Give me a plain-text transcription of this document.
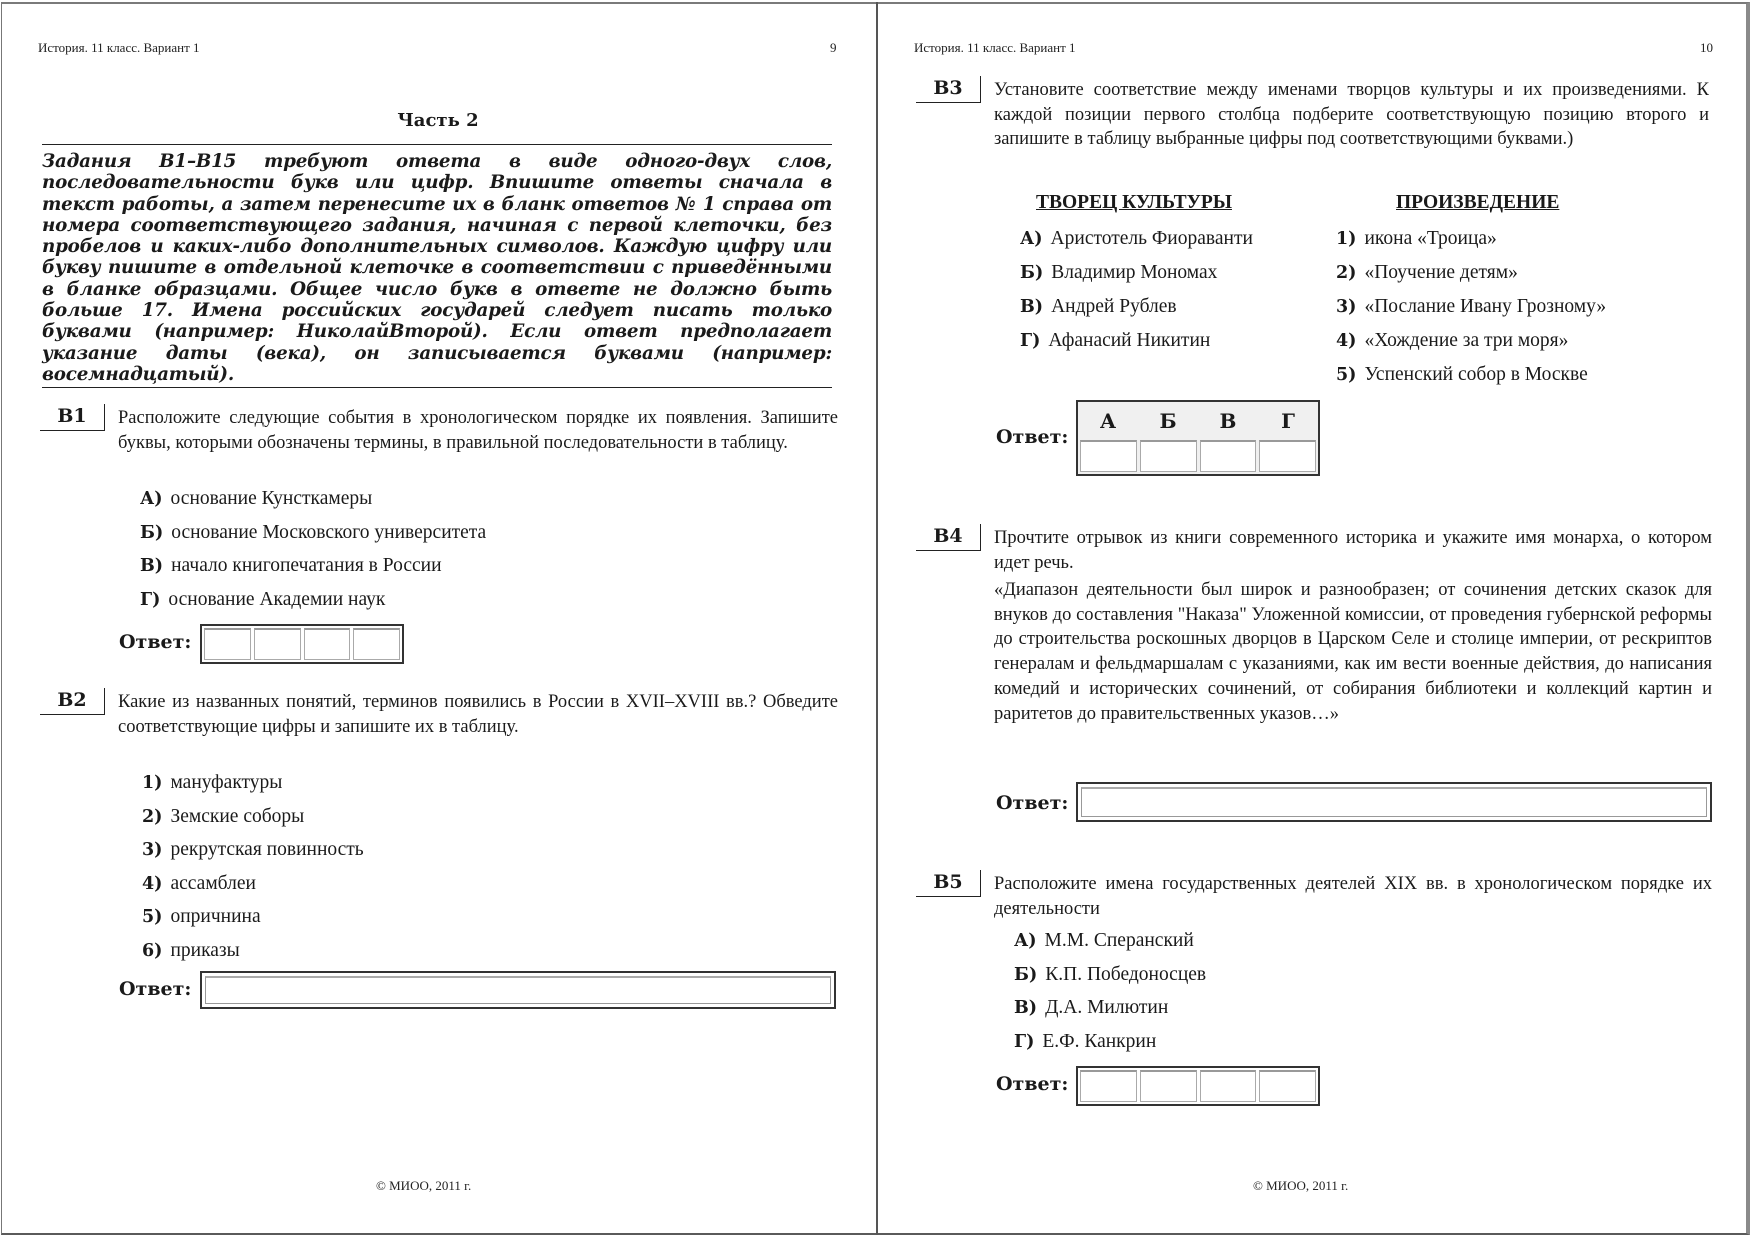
История. 11 класс. Вариант 1	9
Часть 2
Задания В1–В15 требуют ответа в виде одного-двух слов, последовательности букв или цифр. Впишите ответы сначала в текст работы, а затем перенесите их в бланк ответов № 1 справа от номера соответствующего задания, начиная с первой клеточки, без пробелов и каких-либо дополнительных символов. Каждую цифру или букву пишите в отдельной клеточке в соответствии с приведёнными в бланке образцами. Общее число букв в ответе не должно быть больше 17. Имена российских государей следует писать только буквами (например: НиколайВторой). Если ответ предполагает указание даты (века), он записывается буквами (например: восемнадцатый).
В1	Расположите следующие события в хронологическом порядке их появления. Запишите буквы, которыми обозначены термины, в правильной последовательности в таблицу.
А) основание Кунсткамеры
Б) основание Московского университета
В) начало книгопечатания в России
Г) основание Академии наук
Ответ:
В2	Какие из названных понятий, терминов появились в России в XVII–XVIII вв.? Обведите соответствующие цифры и запишите их в таблицу.
1) мануфактуры
2) Земские соборы
3) рекрутская повинность
4) ассамблеи
5) опричнина
6) приказы
Ответ:
© МИОО, 2011 г.
История. 11 класс. Вариант 1	10
В3	Установите соответствие между именами творцов культуры и их произведениями. К каждой позиции первого столбца подберите соответствующую позицию второго и запишите в таблицу выбранные цифры под соответствующими буквами.)
ТВОРЕЦ КУЛЬТУРЫ	ПРОИЗВЕДЕНИЕ
А) Аристотель Фиораванти
Б) Владимир Мономах
В) Андрей Рублев
Г) Афанасий Никитин
1) икона «Троица»
2) «Поучение детям»
3) «Послание Ивану Грозному»
4) «Хождение за три моря»
5) Успенский собор в Москве
Ответ:
А	Б	В	Г
В4	Прочтите отрывок из книги современного историка и укажите имя монарха, о котором идет речь.
«Диапазон деятельности был широк и разнообразен; от сочинения детских сказок для внуков до составления "Наказа" Уложенной комиссии, от проведения губернской реформы до строительства роскошных дворцов в Царском Селе и столице империи, от рескриптов генералам и фельдмаршалам с указаниями, как им вести военные действия, до написания комедий и исторических сочинений, от собирания библиотеки и коллекций картин и раритетов до правительственных указов…»
Ответ:
В5	Расположите имена государственных деятелей XIX вв. в хронологическом порядке их деятельности
А) М.М. Сперанский
Б) К.П. Победоносцев
В) Д.А. Милютин
Г) Е.Ф. Канкрин
Ответ:
© МИОО, 2011 г.
